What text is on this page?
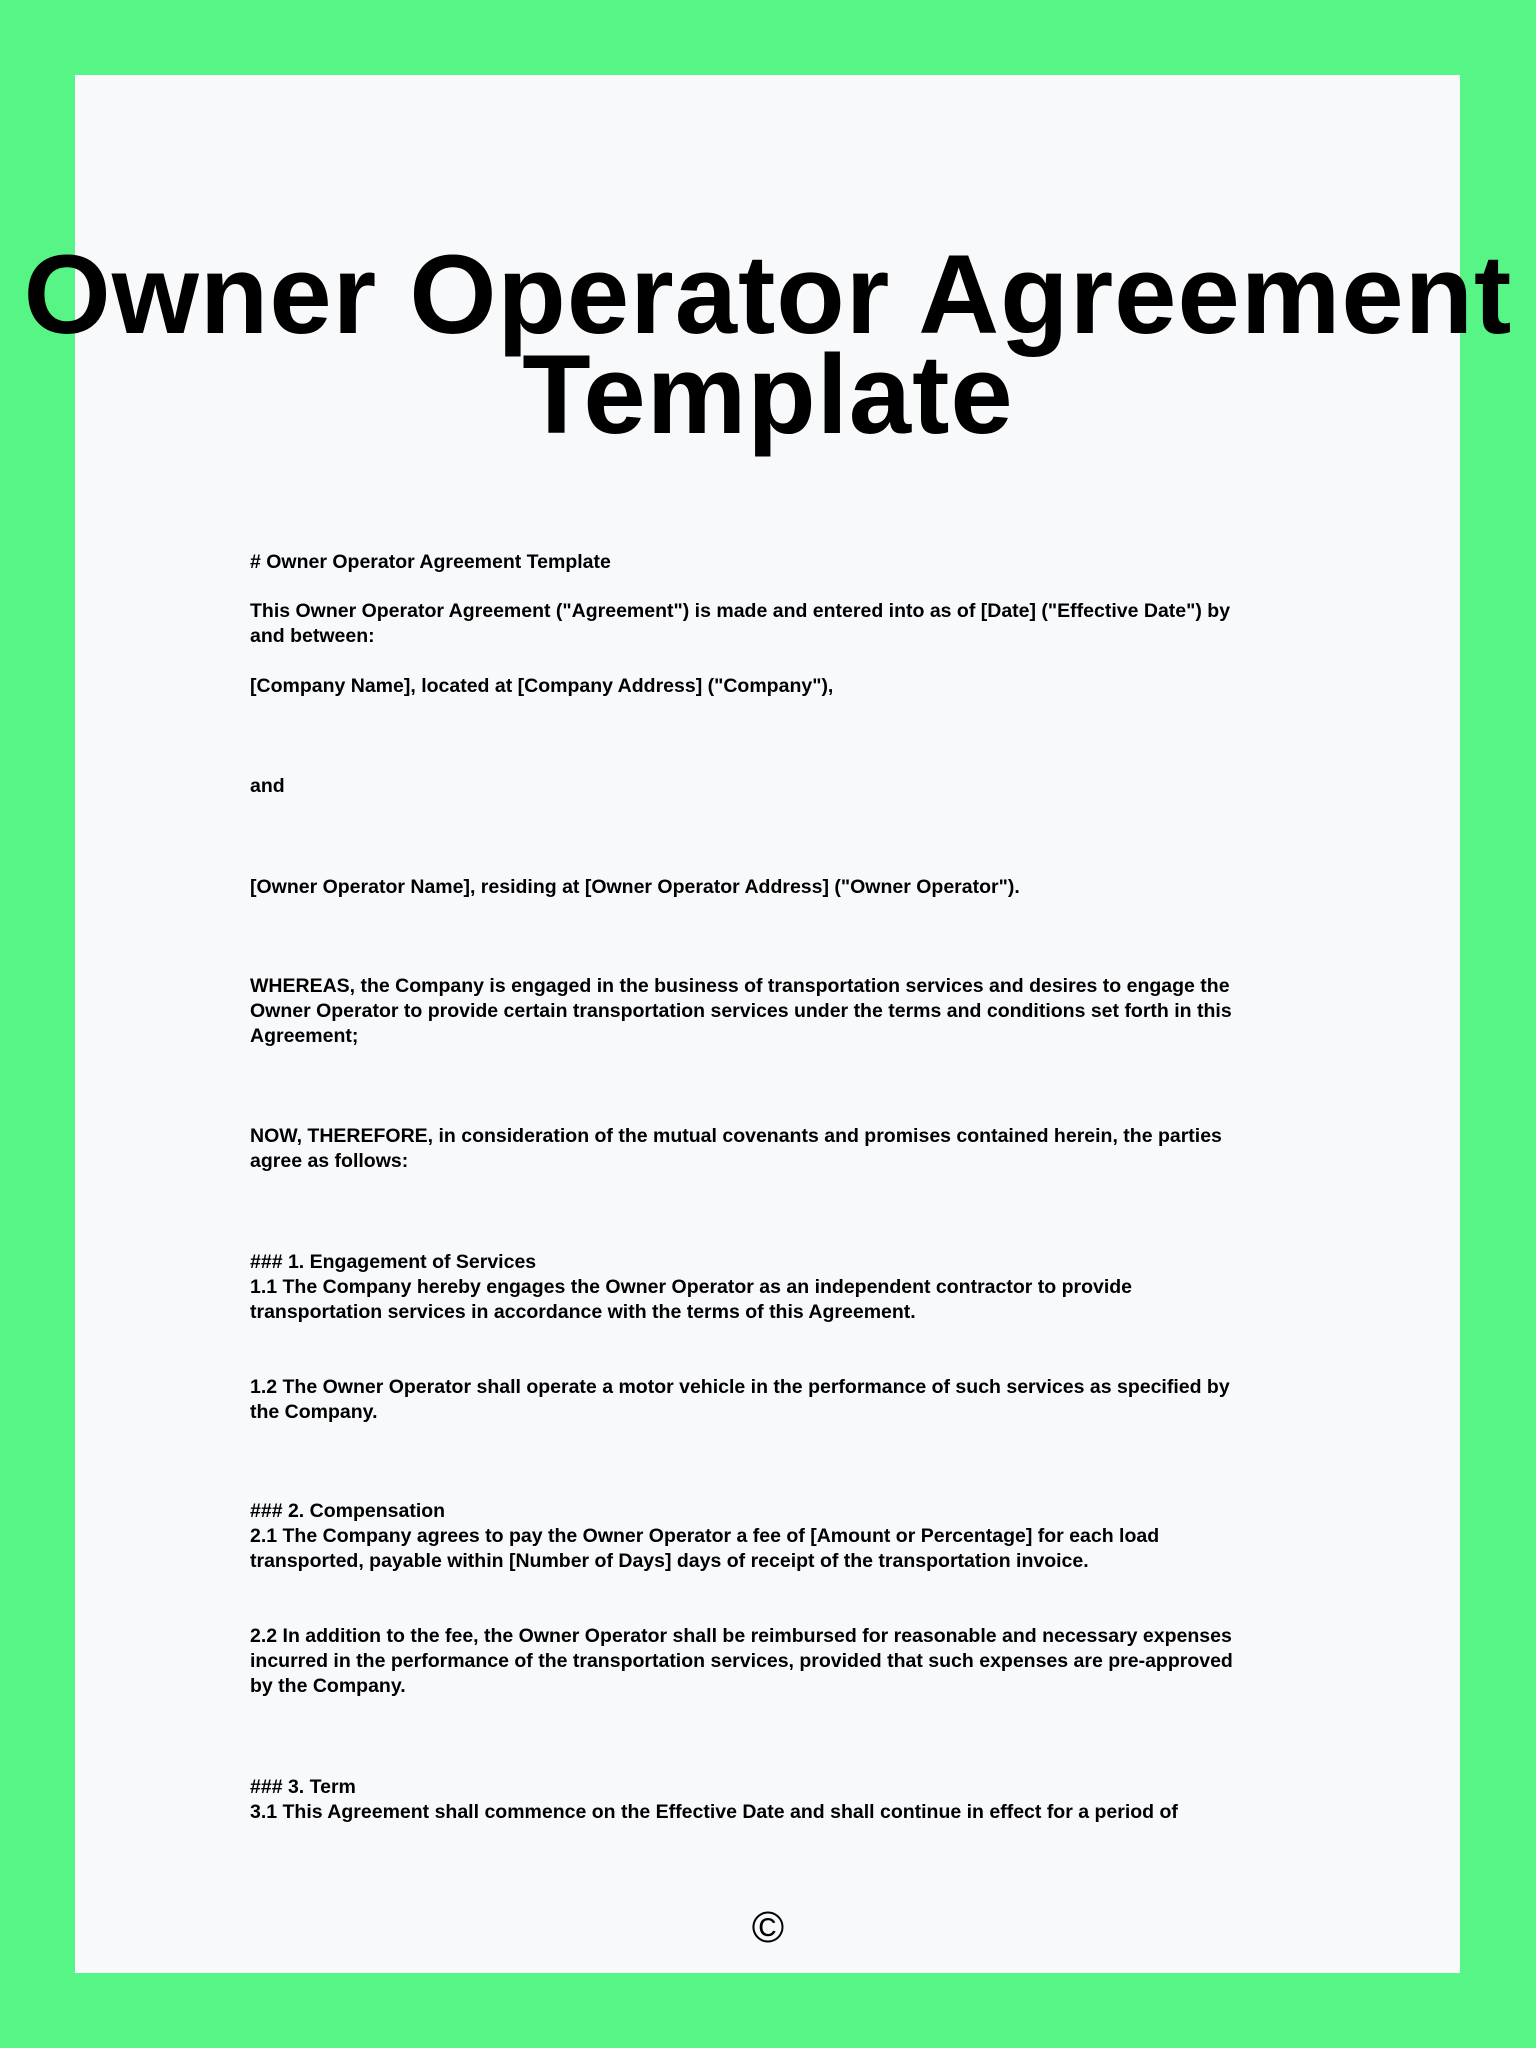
Owner Operator Agreement Template

# Owner Operator Agreement Template

This Owner Operator Agreement ("Agreement") is made and entered into as of [Date] ("Effective Date") by
and between:

[Company Name], located at [Company Address] ("Company"),

and

[Owner Operator Name], residing at [Owner Operator Address] ("Owner Operator").

WHEREAS, the Company is engaged in the business of transportation services and desires to engage the
Owner Operator to provide certain transportation services under the terms and conditions set forth in this
Agreement;

NOW, THEREFORE, in consideration of the mutual covenants and promises contained herein, the parties
agree as follows:

### 1. Engagement of Services
1.1 The Company hereby engages the Owner Operator as an independent contractor to provide
transportation services in accordance with the terms of this Agreement.

1.2 The Owner Operator shall operate a motor vehicle in the performance of such services as specified by
the Company.

### 2. Compensation
2.1 The Company agrees to pay the Owner Operator a fee of [Amount or Percentage] for each load
transported, payable within [Number of Days] days of receipt of the transportation invoice.

2.2 In addition to the fee, the Owner Operator shall be reimbursed for reasonable and necessary expenses
incurred in the performance of the transportation services, provided that such expenses are pre-approved
by the Company.

### 3. Term
3.1 This Agreement shall commence on the Effective Date and shall continue in effect for a period of

©
